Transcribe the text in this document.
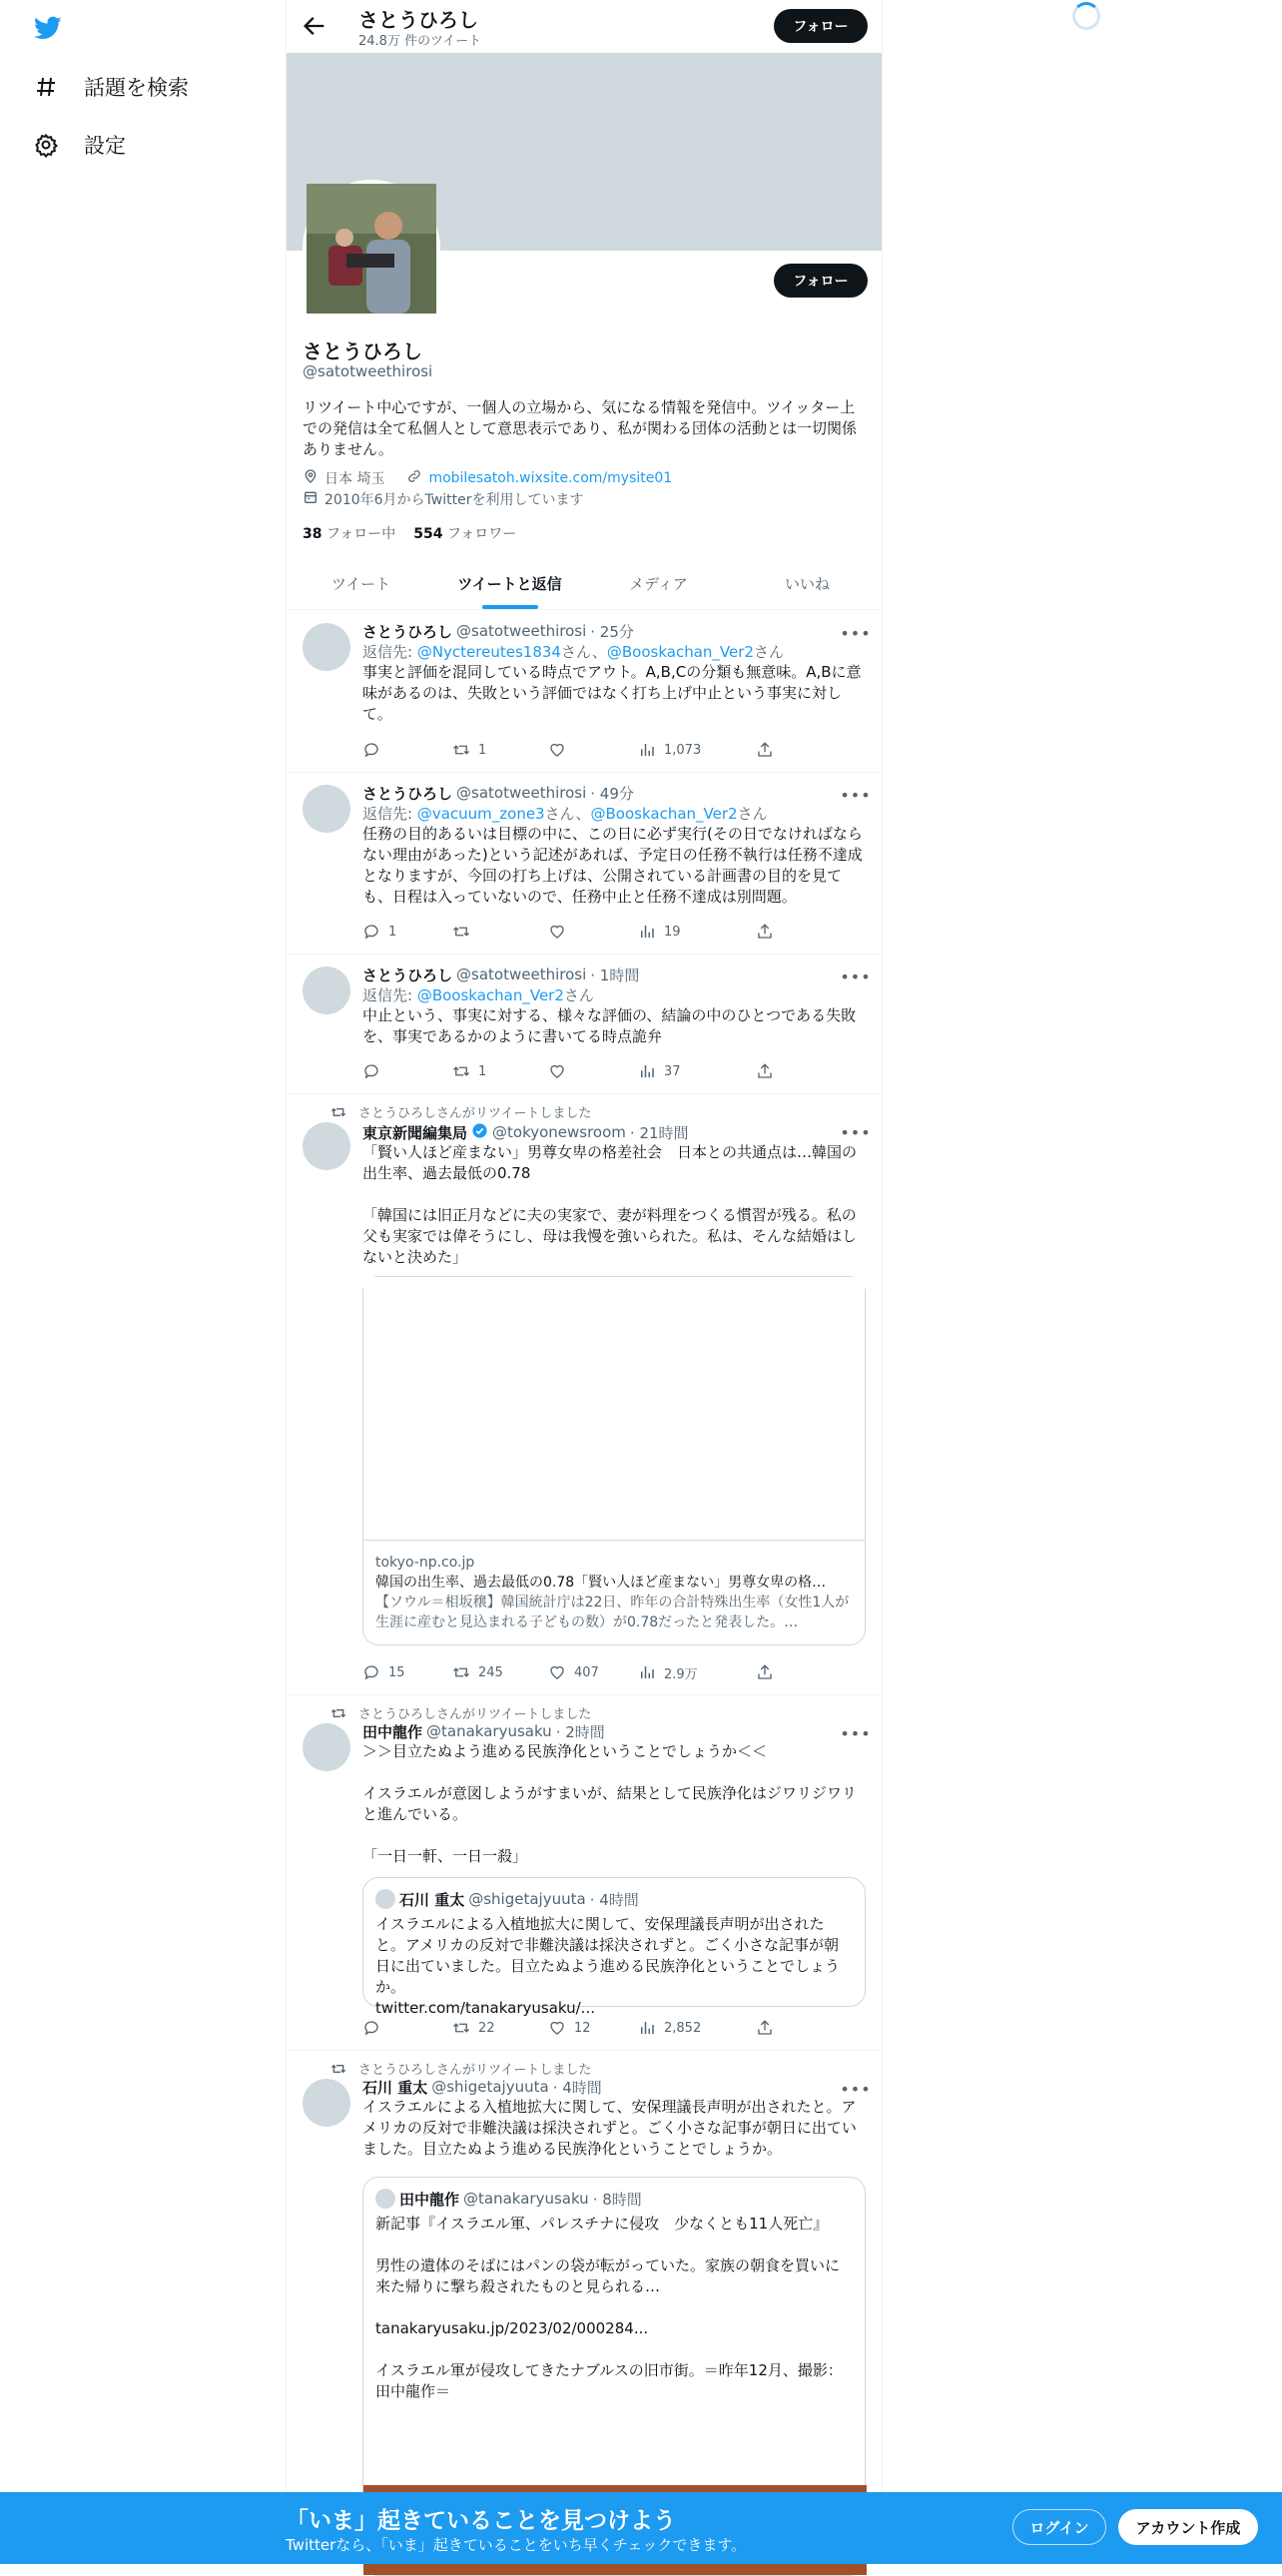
話題を検索
設定
さとうひろし
24.8万 件のツイート
フォロー
フォロー
さとうひろし
@satotweethirosi
リツイート中心ですが、一個人の立場から、気になる情報を発信中。ツイッター上での発信は全て私個人として意思表示であり、私が関わる団体の活動とは一切関係ありません。
日本 埼玉	mobilesatoh.wixsite.com/mysite01
2010年6月からTwitterを利用しています
38 フォロー中 554 フォロワー
ツイート	ツイートと返信	メディア	いいね
•••
さとうひろし @satotweethirosi · 25分
返信先: @Nyctereutes1834さん、@Booskachan_Ver2さん
事実と評価を混同している時点でアウト。A,B,Cの分類も無意味。A,Bに意味があるのは、失敗という評価ではなく打ち上げ中止という事実に対して。
1	1,073
•••
さとうひろし @satotweethirosi · 49分
返信先: @vacuum_zone3さん、@Booskachan_Ver2さん
任務の目的あるいは目標の中に、この日に必ず実行(その日でなければならない理由があった)という記述があれば、予定日の任務不執行は任務不達成となりますが、今回の打ち上げは、公開されている計画書の目的を見ても、日程は入っていないので、任務中止と任務不達成は別問題。
1	19
•••
さとうひろし @satotweethirosi · 1時間
返信先: @Booskachan_Ver2さん
中止という、事実に対する、様々な評価の、結論の中のひとつである失敗を、事実であるかのように書いてる時点詭弁
1	37
さとうひろしさんがリツイートしました
•••
東京新聞編集局 @tokyonewsroom · 21時間
「賢い人ほど産まない」男尊女卑の格差社会　日本との共通点は…韓国の出生率、過去最低の0.78

「韓国には旧正月などに夫の実家で、妻が料理をつくる慣習が残る。私の父も実家では偉そうにし、母は我慢を強いられた。私は、そんな結婚はしないと決めた」
tokyo-np.co.jp
韓国の出生率、過去最低の0.78「賢い人ほど産まない」男尊女卑の格…
【ソウル＝相坂穣】韓国統計庁は22日、昨年の合計特殊出生率（女性1人が生涯に産むと見込まれる子どもの数）が0.78だったと発表した。…
15	245	407	2.9万
さとうひろしさんがリツイートしました
•••
田中龍作 @tanakaryusaku · 2時間
＞＞目立たぬよう進める民族浄化ということでしょうか＜＜

イスラエルが意図しようがすまいが、結果として民族浄化はジワリジワリと進んでいる。

「一日一軒、一日一殺」
石川 重太 @shigetajyuuta · 4時間
イスラエルによる入植地拡大に関して、安保理議長声明が出されたと。アメリカの反対で非難決議は採決されずと。ごく小さな記事が朝日に出ていました。目立たぬよう進める民族浄化ということでしょうか。
twitter.com/tanakaryusaku/...
22	12	2,852
さとうひろしさんがリツイートしました
•••
石川 重太 @shigetajyuuta · 4時間
イスラエルによる入植地拡大に関して、安保理議長声明が出されたと。アメリカの反対で非難決議は採決されずと。ごく小さな記事が朝日に出ていました。目立たぬよう進める民族浄化ということでしょうか。
田中龍作 @tanakaryusaku · 8時間
新記事『イスラエル軍、パレスチナに侵攻　少なくとも11人死亡』

男性の遺体のそばにはパンの袋が転がっていた。家族の朝食を買いに来た帰りに撃ち殺されたものと見られる…

tanakaryusaku.jp/2023/02/000284...

イスラエル軍が侵攻してきたナブルスの旧市街。＝昨年12月、撮影：田中龍作＝
「いま」起きていることを見つけよう
Twitterなら、「いま」起きていることをいち早くチェックできます。
ログイン	アカウント作成
